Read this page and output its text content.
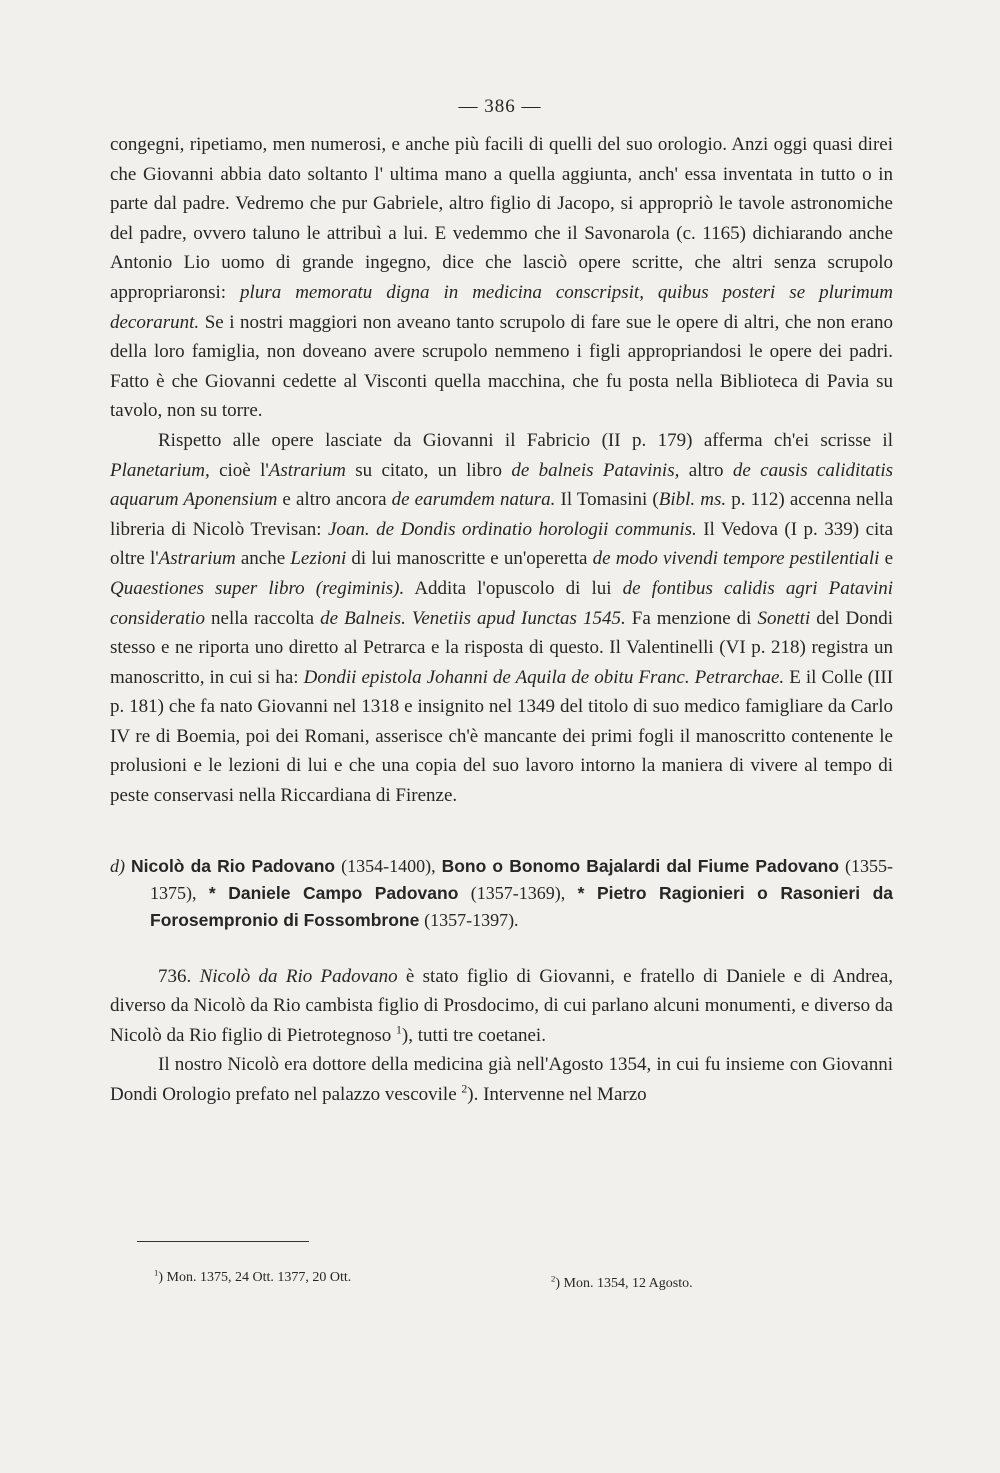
— 386 —

congegni, ripetiamo, men numerosi, e anche più facili di quelli del suo orologio. Anzi oggi quasi direi che Giovanni abbia dato soltanto l' ultima mano a quella aggiunta, anch' essa inventata in tutto o in parte dal padre. Vedremo che pur Gabriele, altro figlio di Jacopo, si appropriò le tavole astronomiche del padre, ovvero taluno le attribuì a lui. E vedemmo che il Savonarola (c. 1165) dichiarando anche Antonio Lio uomo di grande ingegno, dice che lasciò opere scritte, che altri senza scrupolo appropriaronsi: plura memoratu digna in medicina conscripsit, quibus posteri se plurimum decorarunt. Se i nostri maggiori non aveano tanto scrupolo di fare sue le opere di altri, che non erano della loro famiglia, non doveano avere scrupolo nemmeno i figli appropriandosi le opere dei padri. Fatto è che Giovanni cedette al Visconti quella macchina, che fu posta nella Biblioteca di Pavia su tavolo, non su torre.

Rispetto alle opere lasciate da Giovanni il Fabricio (II p. 179) afferma ch'ei scrisse il Planetarium, cioè l'Astrarium su citato, un libro de balneis Patavinis, altro de causis caliditatis aquarum Aponensium e altro ancora de earumdem natura. Il Tomasini (Bibl. ms. p. 112) accenna nella libreria di Nicolò Trevisan: Joan. de Dondis ordinatio horologii communis. Il Vedova (I p. 339) cita oltre l'Astrarium anche Lezioni di lui manoscritte e un'operetta de modo vivendi tempore pestilentiali e Quaestiones super libro (regiminis). Addita l'opuscolo di lui de fontibus calidis agri Patavini consideratio nella raccolta de Balneis. Venetiis apud Iunctas 1545. Fa menzione di Sonetti del Dondi stesso e ne riporta uno diretto al Petrarca e la risposta di questo. Il Valentinelli (VI p. 218) registra un manoscritto, in cui si ha: Dondii epistola Johanni de Aquila de obitu Franc. Petrarchae. E il Colle (III p. 181) che fa nato Giovanni nel 1318 e insignito nel 1349 del titolo di suo medico famigliare da Carlo IV re di Boemia, poi dei Romani, asserisce ch'è mancante dei primi fogli il manoscritto contenente le prolusioni e le lezioni di lui e che una copia del suo lavoro intorno la maniera di vivere al tempo di peste conservasi nella Riccardiana di Firenze.

d) Nicolò da Rio Padovano (1354-1400), Bono o Bonomo Bajalardi dal Fiume Padovano (1355-1375), * Daniele Campo Padovano (1357-1369), * Pietro Ragionieri o Rasonieri da Forosempronio di Fossombrone (1357-1397).

736. Nicolò da Rio Padovano è stato figlio di Giovanni, e fratello di Daniele e di Andrea, diverso da Nicolò da Rio cambista figlio di Prosdocimo, di cui parlano alcuni monumenti, e diverso da Nicolò da Rio figlio di Pietrotegnoso $^1$), tutti tre coetanei.

Il nostro Nicolò era dottore della medicina già nell'Agosto 1354, in cui fu insieme con Giovanni Dondi Orologio prefato nel palazzo vescovile $^2$). Intervenne nel Marzo

$^1$) Mon. 1375, 24 Ott. 1377, 20 Ott.	$^2$) Mon. 1354, 12 Agosto.
